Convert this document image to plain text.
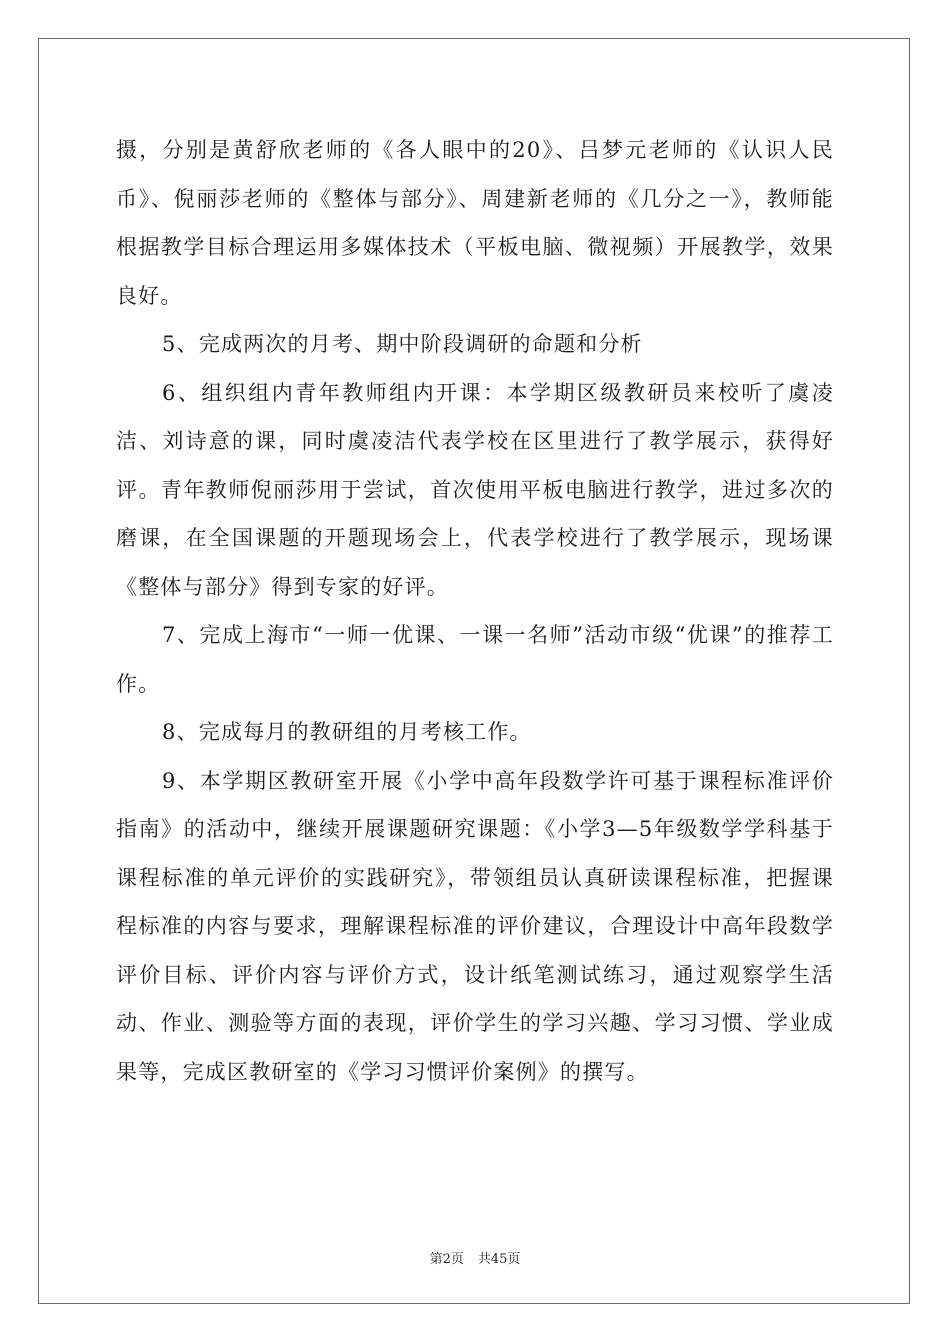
摄，分别是黄舒欣老师的《各人眼中的20》、吕梦元老师的《认识人民币》、倪丽莎老师的《整体与部分》、周建新老师的《几分之一》，教师能根据教学目标合理运用多媒体技术（平板电脑、微视频）开展教学，效果良好。

5、完成两次的月考、期中阶段调研的命题和分析

6、组织组内青年教师组内开课：本学期区级教研员来校听了虞凌洁、刘诗意的课，同时虞凌洁代表学校在区里进行了教学展示，获得好评。青年教师倪丽莎用于尝试，首次使用平板电脑进行教学，进过多次的磨课，在全国课题的开题现场会上，代表学校进行了教学展示，现场课《整体与部分》得到专家的好评。

7、完成上海市“一师一优课、一课一名师”活动市级“优课”的推荐工作。

8、完成每月的教研组的月考核工作。

9、本学期区教研室开展《小学中高年段数学许可基于课程标准评价指南》的活动中，继续开展课题研究课题：《小学3—5年级数学学科基于课程标准的单元评价的实践研究》，带领组员认真研读课程标准，把握课程标准的内容与要求，理解课程标准的评价建议，合理设计中高年段数学评价目标、评价内容与评价方式，设计纸笔测试练习，通过观察学生活动、作业、测验等方面的表现，评价学生的学习兴趣、学习习惯、学业成果等，完成区教研室的《学习习惯评价案例》的撰写。

第2页 共45页
